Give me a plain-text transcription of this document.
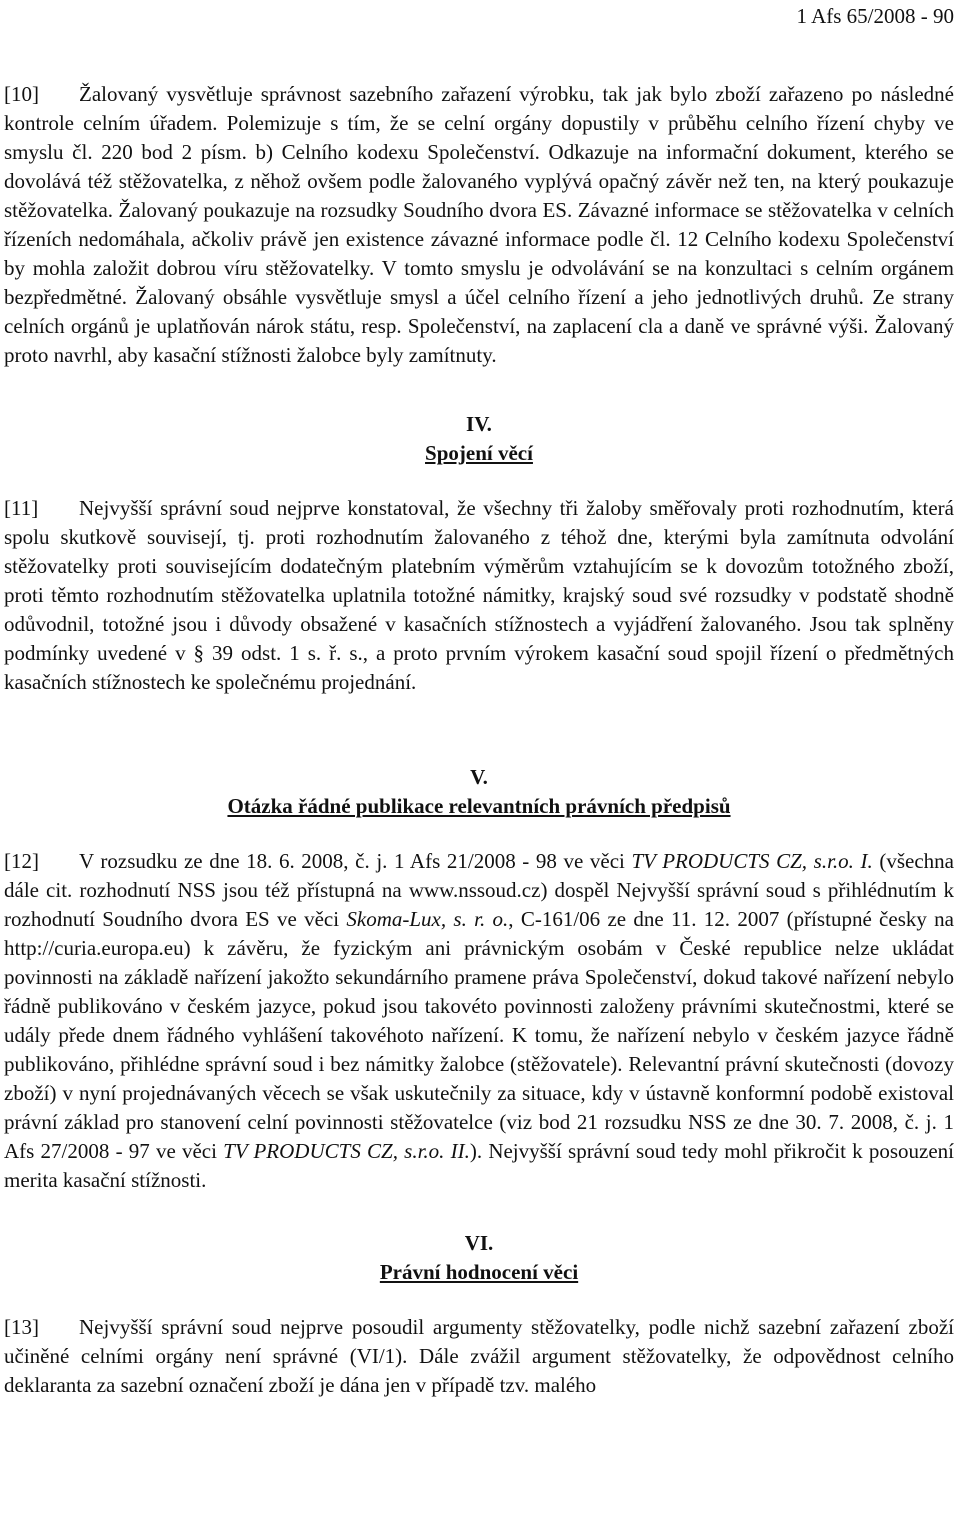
1 Afs 65/2008 - 90

[10] Žalovaný vysvětluje správnost sazebního zařazení výrobku, tak jak bylo zboží zařazeno po následné kontrole celním úřadem. Polemizuje s tím, že se celní orgány dopustily v průběhu celního řízení chyby ve smyslu čl. 220 bod 2 písm. b) Celního kodexu Společenství. Odkazuje na informační dokument, kterého se dovolává též stěžovatelka, z něhož ovšem podle žalovaného vyplývá opačný závěr než ten, na který poukazuje stěžovatelka. Žalovaný poukazuje na rozsudky Soudního dvora ES. Závazné informace se stěžovatelka v celních řízeních nedomáhala, ačkoliv právě jen existence závazné informace podle čl. 12 Celního kodexu Společenství by mohla založit dobrou víru stěžovatelky. V tomto smyslu je odvolávání se na konzultaci s celním orgánem bezpředmětné. Žalovaný obsáhle vysvětluje smysl a účel celního řízení a jeho jednotlivých druhů. Ze strany celních orgánů je uplatňován nárok státu, resp. Společenství, na zaplacení cla a daně ve správné výši. Žalovaný proto navrhl, aby kasační stížnosti žalobce byly zamítnuty.

IV.
Spojení věcí

[11] Nejvyšší správní soud nejprve konstatoval, že všechny tři žaloby směřovaly proti rozhodnutím, která spolu skutkově souvisejí, tj. proti rozhodnutím žalovaného z téhož dne, kterými byla zamítnuta odvolání stěžovatelky proti souvisejícím dodatečným platebním výměrům vztahujícím se k dovozům totožného zboží, proti těmto rozhodnutím stěžovatelka uplatnila totožné námitky, krajský soud své rozsudky v podstatě shodně odůvodnil, totožné jsou i důvody obsažené v kasačních stížnostech a vyjádření žalovaného. Jsou tak splněny podmínky uvedené v § 39 odst. 1 s. ř. s., a proto prvním výrokem kasační soud spojil řízení o předmětných kasačních stížnostech ke společnému projednání.

V.
Otázka řádné publikace relevantních právních předpisů

[12] V rozsudku ze dne 18. 6. 2008, č. j. 1 Afs 21/2008 - 98 ve věci TV PRODUCTS CZ, s.r.o. I. (všechna dále cit. rozhodnutí NSS jsou též přístupná na www.nssoud.cz) dospěl Nejvyšší správní soud s přihlédnutím k rozhodnutí Soudního dvora ES ve věci Skoma-Lux, s. r. o., C-161/06 ze dne 11. 12. 2007 (přístupné česky na http://curia.europa.eu) k závěru, že fyzickým ani právnickým osobám v České republice nelze ukládat povinnosti na základě nařízení jakožto sekundárního pramene práva Společenství, dokud takové nařízení nebylo řádně publikováno v českém jazyce, pokud jsou takovéto povinnosti založeny právními skutečnostmi, které se udály přede dnem řádného vyhlášení takovéhoto nařízení. K tomu, že nařízení nebylo v českém jazyce řádně publikováno, přihlédne správní soud i bez námitky žalobce (stěžovatele). Relevantní právní skutečnosti (dovozy zboží) v nyní projednávaných věcech se však uskutečnily za situace, kdy v ústavně konformní podobě existoval právní základ pro stanovení celní povinnosti stěžovatelce (viz bod 21 rozsudku NSS ze dne 30. 7. 2008, č. j. 1 Afs 27/2008 - 97 ve věci TV PRODUCTS CZ, s.r.o. II.). Nejvyšší správní soud tedy mohl přikročit k posouzení merita kasační stížnosti.

VI.
Právní hodnocení věci

[13] Nejvyšší správní soud nejprve posoudil argumenty stěžovatelky, podle nichž sazební zařazení zboží učiněné celními orgány není správné (VI/1). Dále zvážil argument stěžovatelky, že odpovědnost celního deklaranta za sazební označení zboží je dána jen v případě tzv. malého
